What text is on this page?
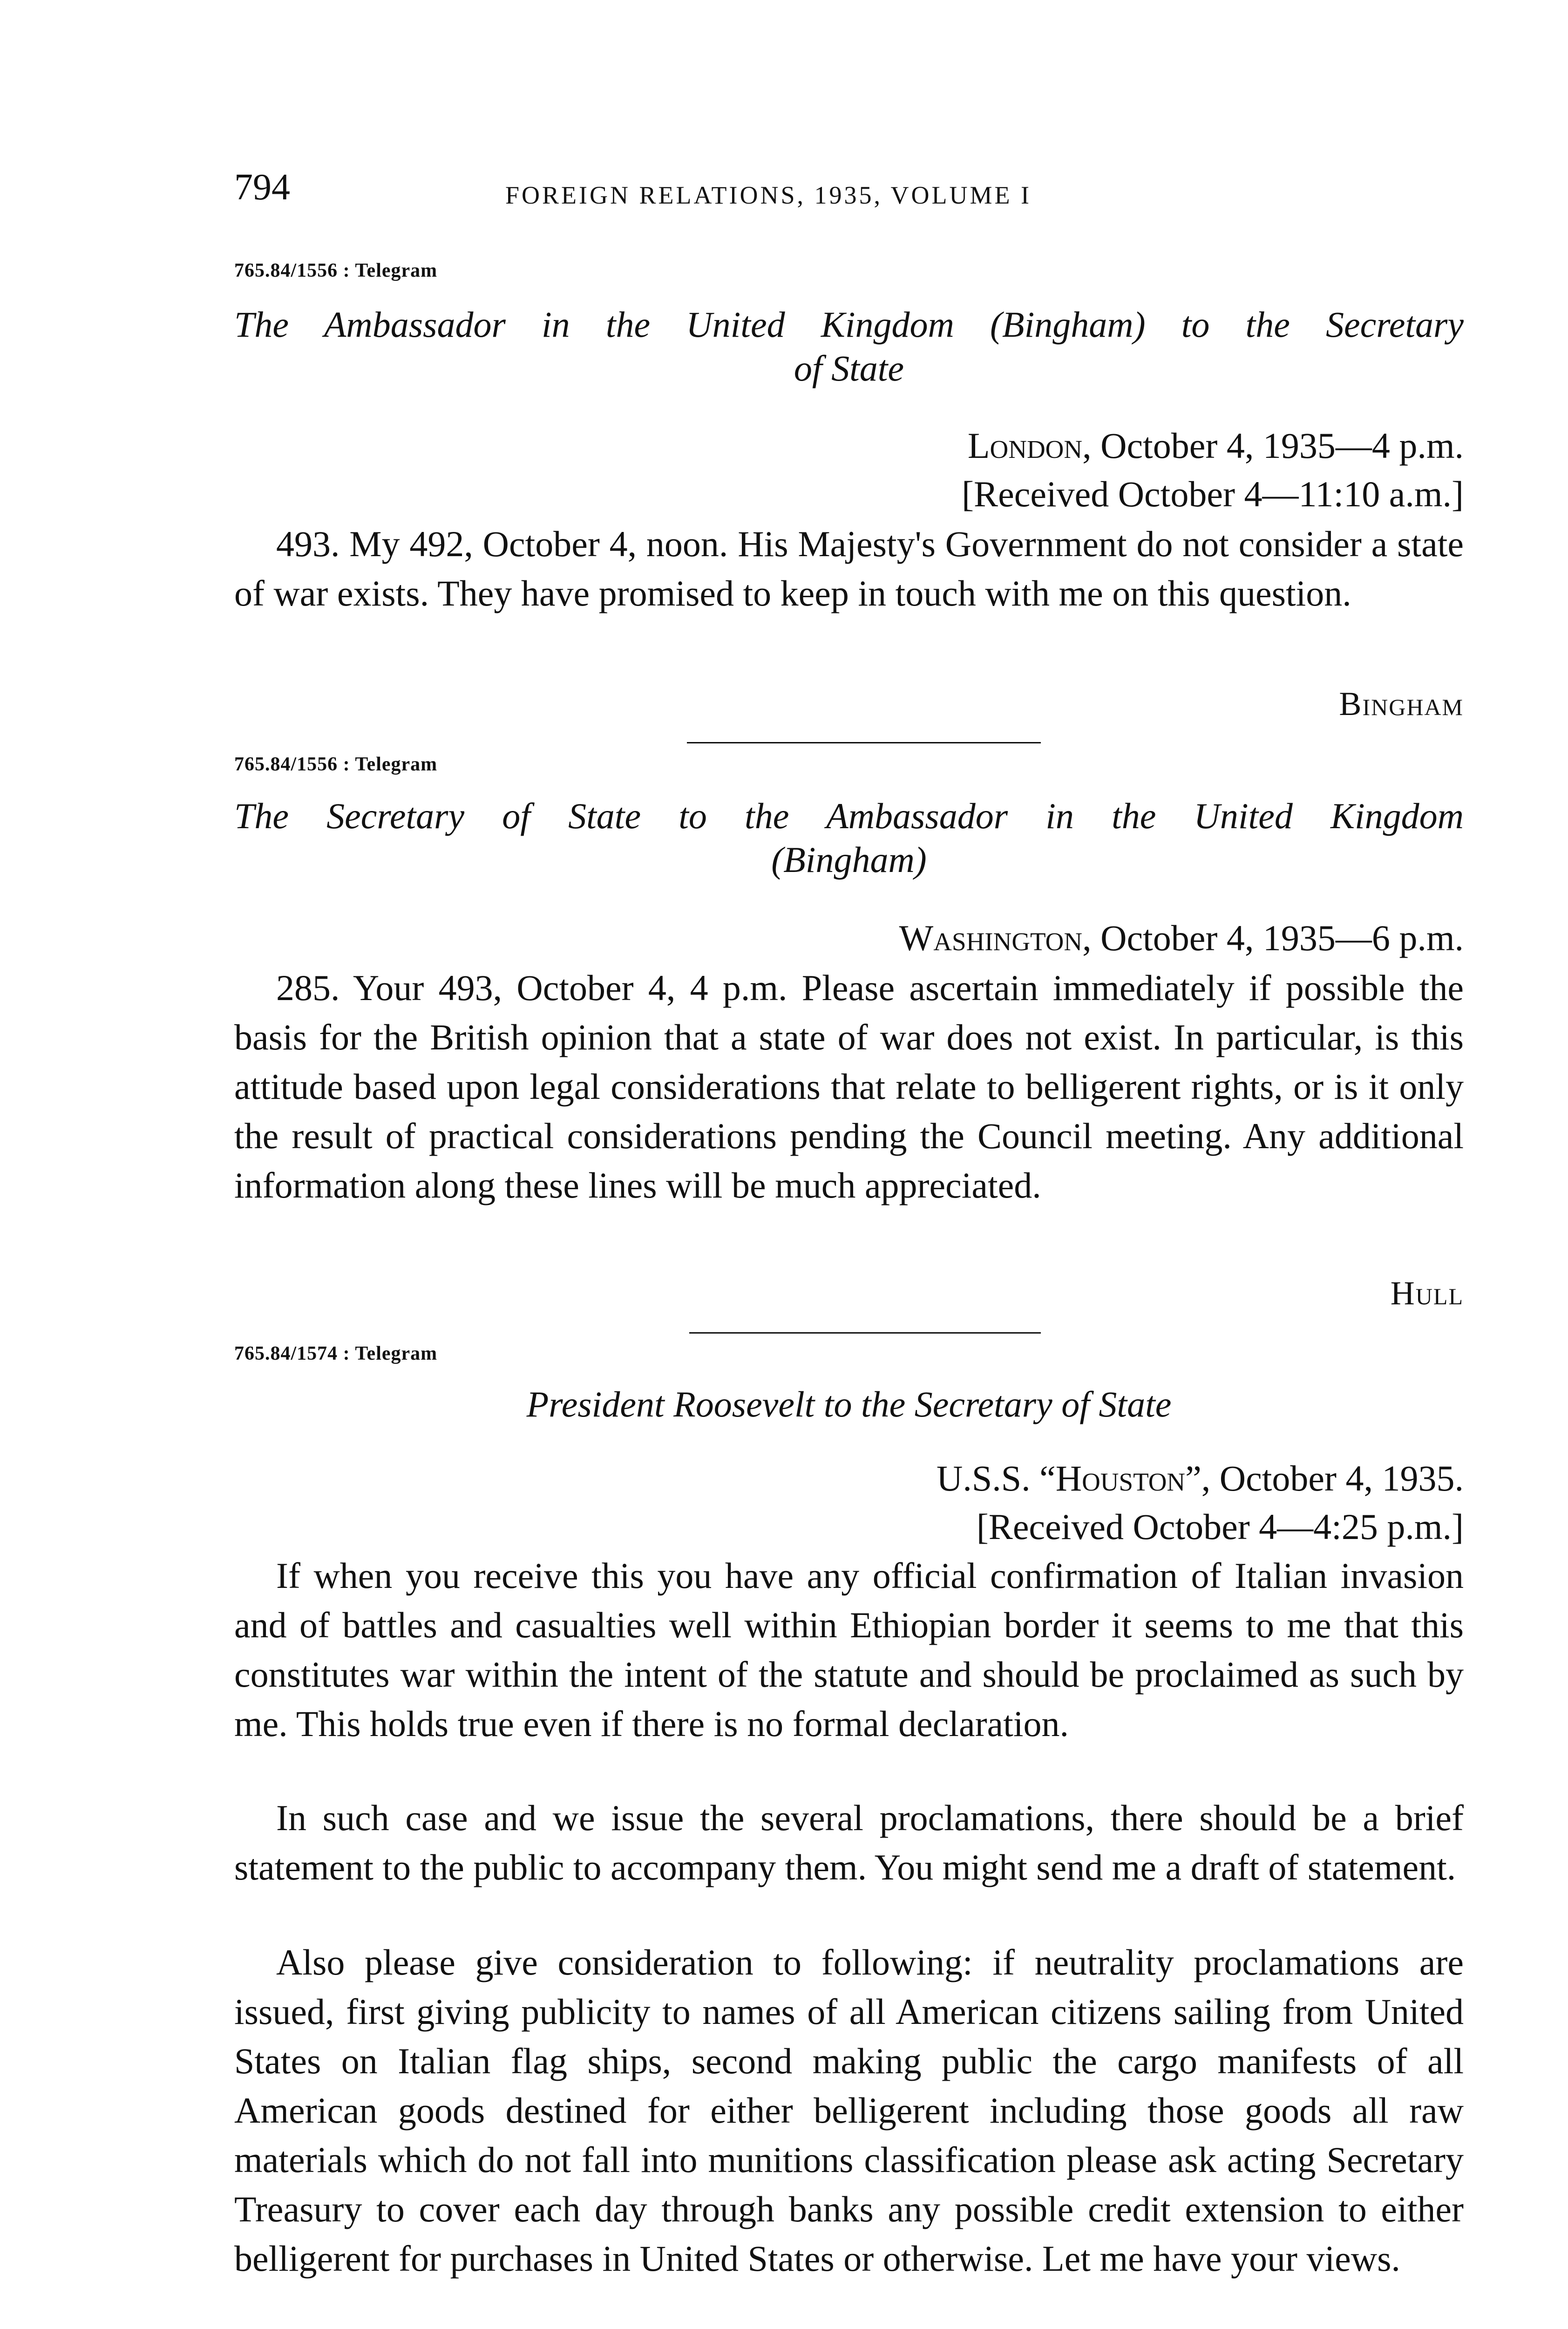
794	FOREIGN RELATIONS, 1935, VOLUME I
765.84/1556 : Telegram
The Ambassador in the United Kingdom (Bingham) to the Secretary
of State
London, October 4, 1935—4 p.m.
[Received October 4—11:10 a.m.]
493. My 492, October 4, noon. His Majesty's Government do not consider a state of war exists. They have promised to keep in touch with me on this question.
Bingham
765.84/1556 : Telegram
The Secretary of State to the Ambassador in the United Kingdom
(Bingham)
Washington, October 4, 1935—6 p.m.
285. Your 493, October 4, 4 p.m. Please ascertain immediately if possible the basis for the British opinion that a state of war does not exist. In particular, is this attitude based upon legal considerations that relate to belligerent rights, or is it only the result of practical considerations pending the Council meeting. Any additional information along these lines will be much appreciated.
Hull
765.84/1574 : Telegram
President Roosevelt to the Secretary of State
U.S.S. “Houston”, October 4, 1935.
[Received October 4—4:25 p.m.]
If when you receive this you have any official confirmation of Italian invasion and of battles and casualties well within Ethiopian border it seems to me that this constitutes war within the intent of the statute and should be proclaimed as such by me. This holds true even if there is no formal declaration.
In such case and we issue the several proclamations, there should be a brief statement to the public to accompany them. You might send me a draft of statement.
Also please give consideration to following: if neutrality proclamations are issued, first giving publicity to names of all American citizens sailing from United States on Italian flag ships, second making public the cargo manifests of all American goods destined for either belligerent including those goods all raw materials which do not fall into munitions classification please ask acting Secretary Treasury to cover each day through banks any possible credit extension to either belligerent for purchases in United States or otherwise. Let me have your views.
